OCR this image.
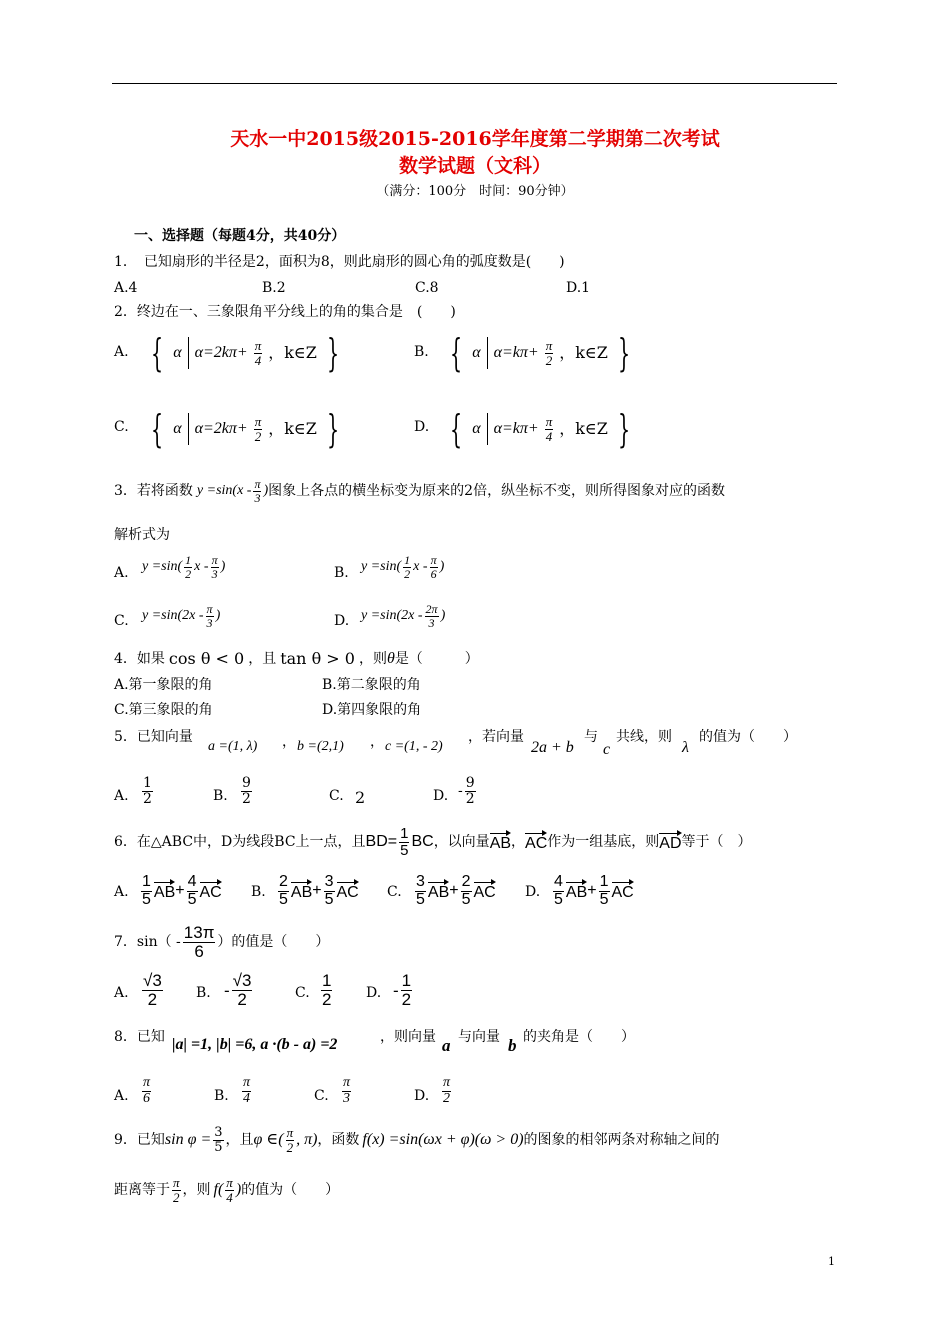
天水一中2015级2015-2016学年度第二学期第二次考试
数学试题（文科）
（满分：100分　时间：90分钟）
一、选择题（每题4分，共40分）
1．　已知扇形的半径是2，面积为8，则此扇形的圆心角的弧度数是(　　)
A.4	B.2	C.8	D.1
2．终边在一、三象限角平分线上的角的集合是　(　　)
A. { α $\alpha=2k\pi+ \frac{\pi}{4}$ ，k∈Z }	B. { α $\alpha=k\pi+ \frac{\pi}{2}$ ，k∈Z }
C. { α $\alpha=2k\pi+ \frac{\pi}{2}$ ，k∈Z }	D. { α $\alpha=k\pi+ \frac{\pi}{4}$ ，k∈Z }
3．若将函数 $y =\sin(x - \frac{\pi}{3}$ ) 图象上各点的横坐标变为原来的2倍，纵坐标不变，则所得图象对应的函数
解析式为
A. $y =\sin( \frac{1}{2}$ x - $\frac{\pi}{3}$ )	B. $y =\sin( \frac{1}{2}$ x - $\frac{\pi}{6}$ )
C. $y =\sin(2x - \frac{\pi}{3}$ )	D. $y =\sin(2x - \frac{2\pi}{3}$ )
4．如果 cos θ < 0 ，且 tan θ > 0 ，则 θ 是（　　　）
A.第一象限的角	B.第二象限的角
C.第三象限的角	D.第四象限的角
5．已知向量
a =(1, λ) ， b =(2,1) ， c =(1, - 2)
，若向量
2a + b
与
c
共线，则
λ
的值为（　　）
A. $\frac{1}{2}$	B. $\frac{9}{2}$	C. 2	D. - $\frac{9}{2}$
6．在△ABC中，D为线段BC上一点，且 $BD= \frac{1}{5}$ BC ，以向量 AB ， AC 作为一组基底，则 AD 等于（　）
A. $\frac{1}{5}$ AB + $\frac{4}{5}$ AC B. $\frac{2}{5}$ AB + $\frac{3}{5}$ AC C. $\frac{3}{5}$ AB + $\frac{2}{5}$ AC D. $\frac{4}{5}$ AB + $\frac{1}{5}$ AC
7．$\sin( - \frac{13\pi}{6}$ ）的值是（　　）
A. $\frac{√3}{2} B$. - $\frac{√3}{2}$	C. $\frac{1}{2} D$. - $\frac{1}{2}$
8．已知 |a| =1, |b| =6, a ·(b - a) =2	，则向量 a 与向量 b 的夹角是（　　）
A. $\frac{\pi}{6}$	B. $\frac{\pi}{4}$	C. $\frac{\pi}{3}$	D. $\frac{\pi}{2}$
9．已知 $\sin \varphi = \frac{3}{5}$ ，且 φ ∈( $\frac{\pi}{2}$ , π) ，函数 f(x) =sin(ωx + φ)(ω > 0) 的图象的相邻两条对称轴之间的
距离等于 $\frac{\pi}{2}$ ，则 $f( \frac{\pi}{4}$ ) 的值为（　　）
1
